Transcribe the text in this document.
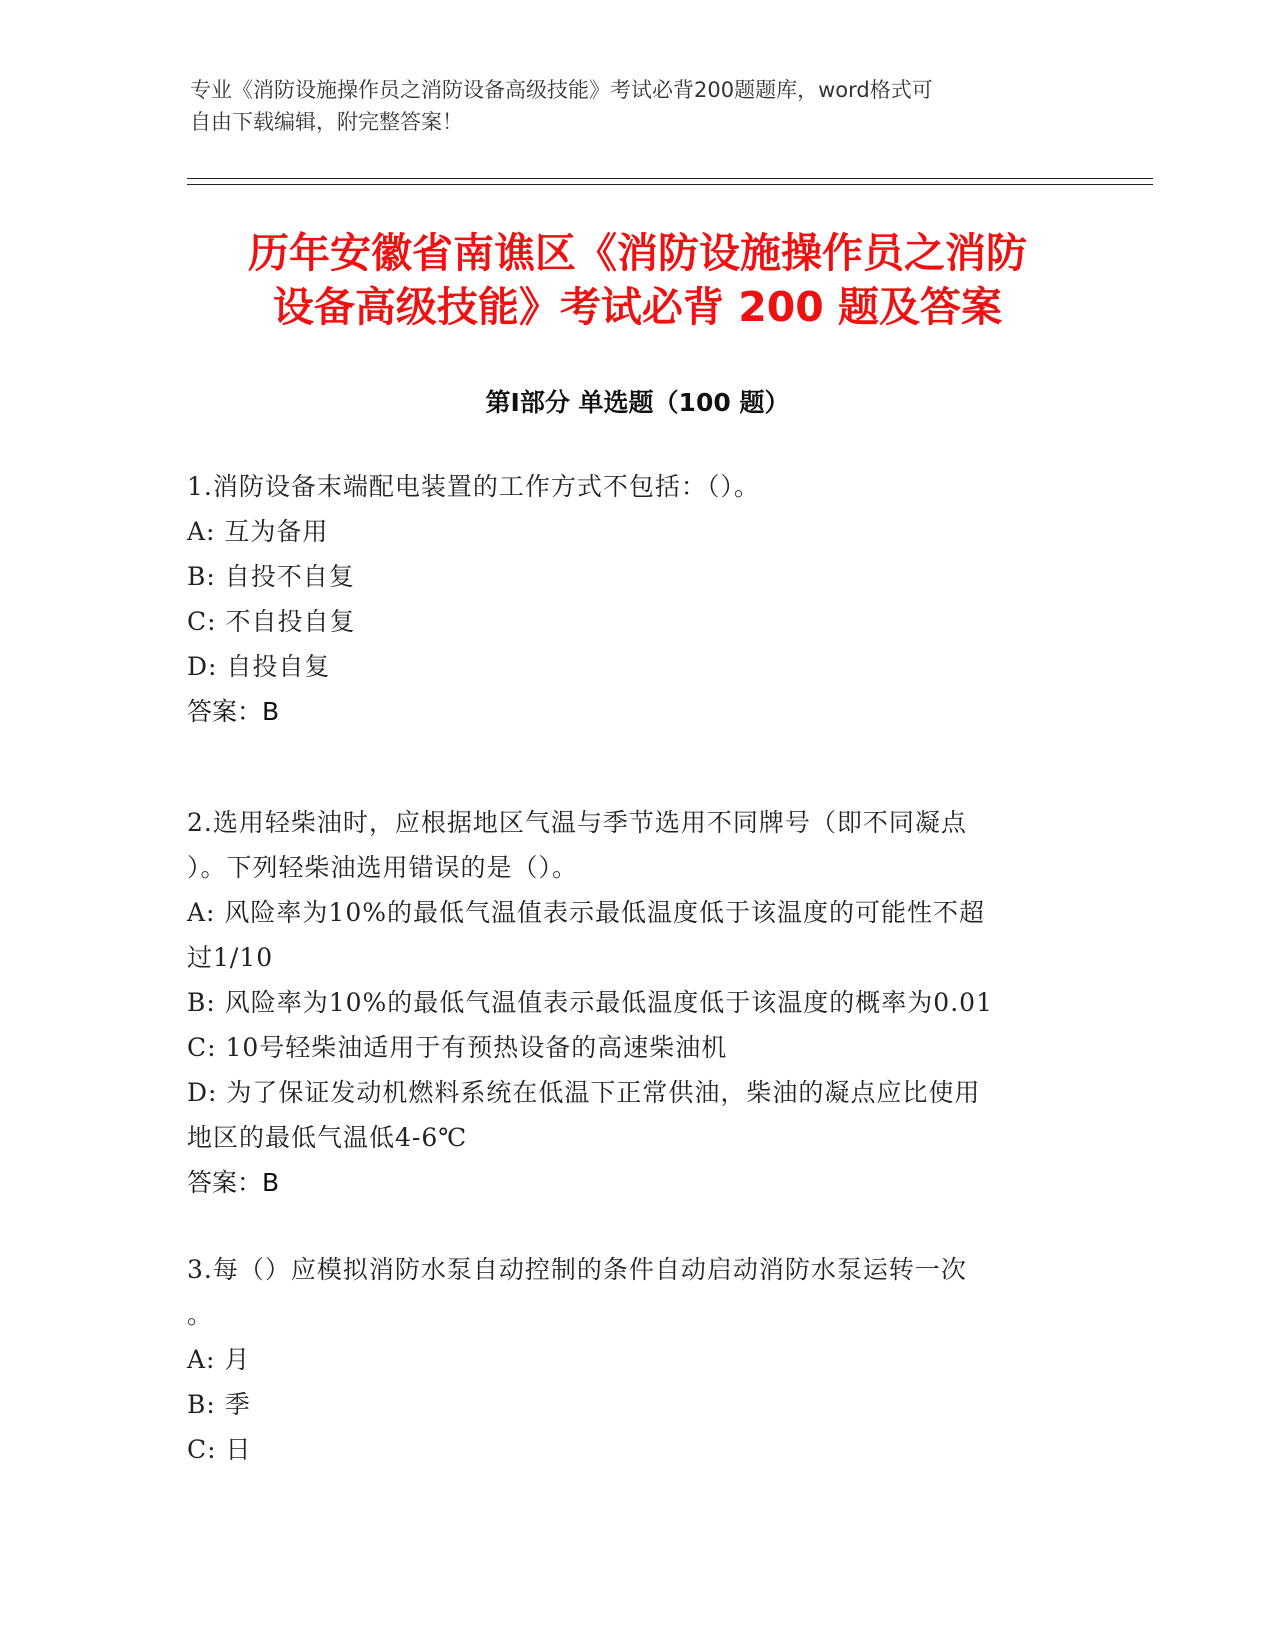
专业《消防设施操作员之消防设备高级技能》考试必背200题题库，word格式可
自由下载编辑，附完整答案！
历年安徽省南谯区《消防设施操作员之消防
设备高级技能》考试必背 200 题及答案
第Ⅰ部分 单选题（100 题）
1.消防设备末端配电装置的工作方式不包括：（）。
A: 互为备用
B: 自投不自复
C: 不自投自复
D: 自投自复
答案：B
2.选用轻柴油时，应根据地区气温与季节选用不同牌号（即不同凝点
）。下列轻柴油选用错误的是（）。
A: 风险率为10%的最低气温值表示最低温度低于该温度的可能性不超
过1/10
B: 风险率为10%的最低气温值表示最低温度低于该温度的概率为0.01
C: 10号轻柴油适用于有预热设备的高速柴油机
D: 为了保证发动机燃料系统在低温下正常供油，柴油的凝点应比使用
地区的最低气温低4-6℃
答案：B
3.每（）应模拟消防水泵自动控制的条件自动启动消防水泵运转一次
。
A: 月
B: 季
C: 日
